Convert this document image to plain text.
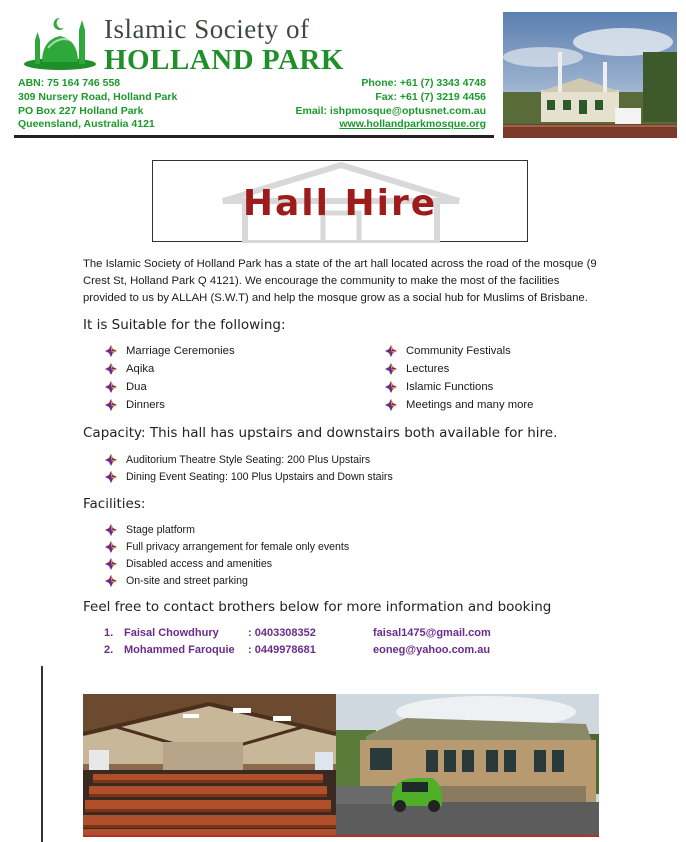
Islamic Society of
HOLLAND PARK
ABN: 75 164 746 558
309 Nursery Road, Holland Park
PO Box 227 Holland Park
Queensland, Australia 4121
Phone: +61 (7) 3343 4748
Fax: +61 (7) 3219 4456
Email: ishpmosque@optusnet.com.au
www.hollandparkmosque.org
Hall Hire
The Islamic Society of Holland Park has a state of the art hall located across the road of the mosque (9 Crest St, Holland Park Q 4121). We encourage the community to make the most of the facilities provided to us by ALLAH (S.W.T) and help the mosque grow as a social hub for Muslims of Brisbane.
It is Suitable for the following:
Marriage Ceremonies
Aqika
Dua
Dinners
Community Festivals
Lectures
Islamic Functions
Meetings and many more
Capacity: This hall has upstairs and downstairs both available for hire.
Auditorium Theatre Style Seating: 200 Plus Upstairs
Dining Event Seating: 100 Plus Upstairs and Down stairs
Facilities:
Stage platform
Full privacy arrangement for female only events
Disabled access and amenities
On-site and street parking
Feel free to contact brothers below for more information and booking
1. Faisal Chowdhury	: 0403308352	faisal1475@gmail.com
2. Mohammed Faroquie : 0449978681	eoneg@yahoo.com.au
